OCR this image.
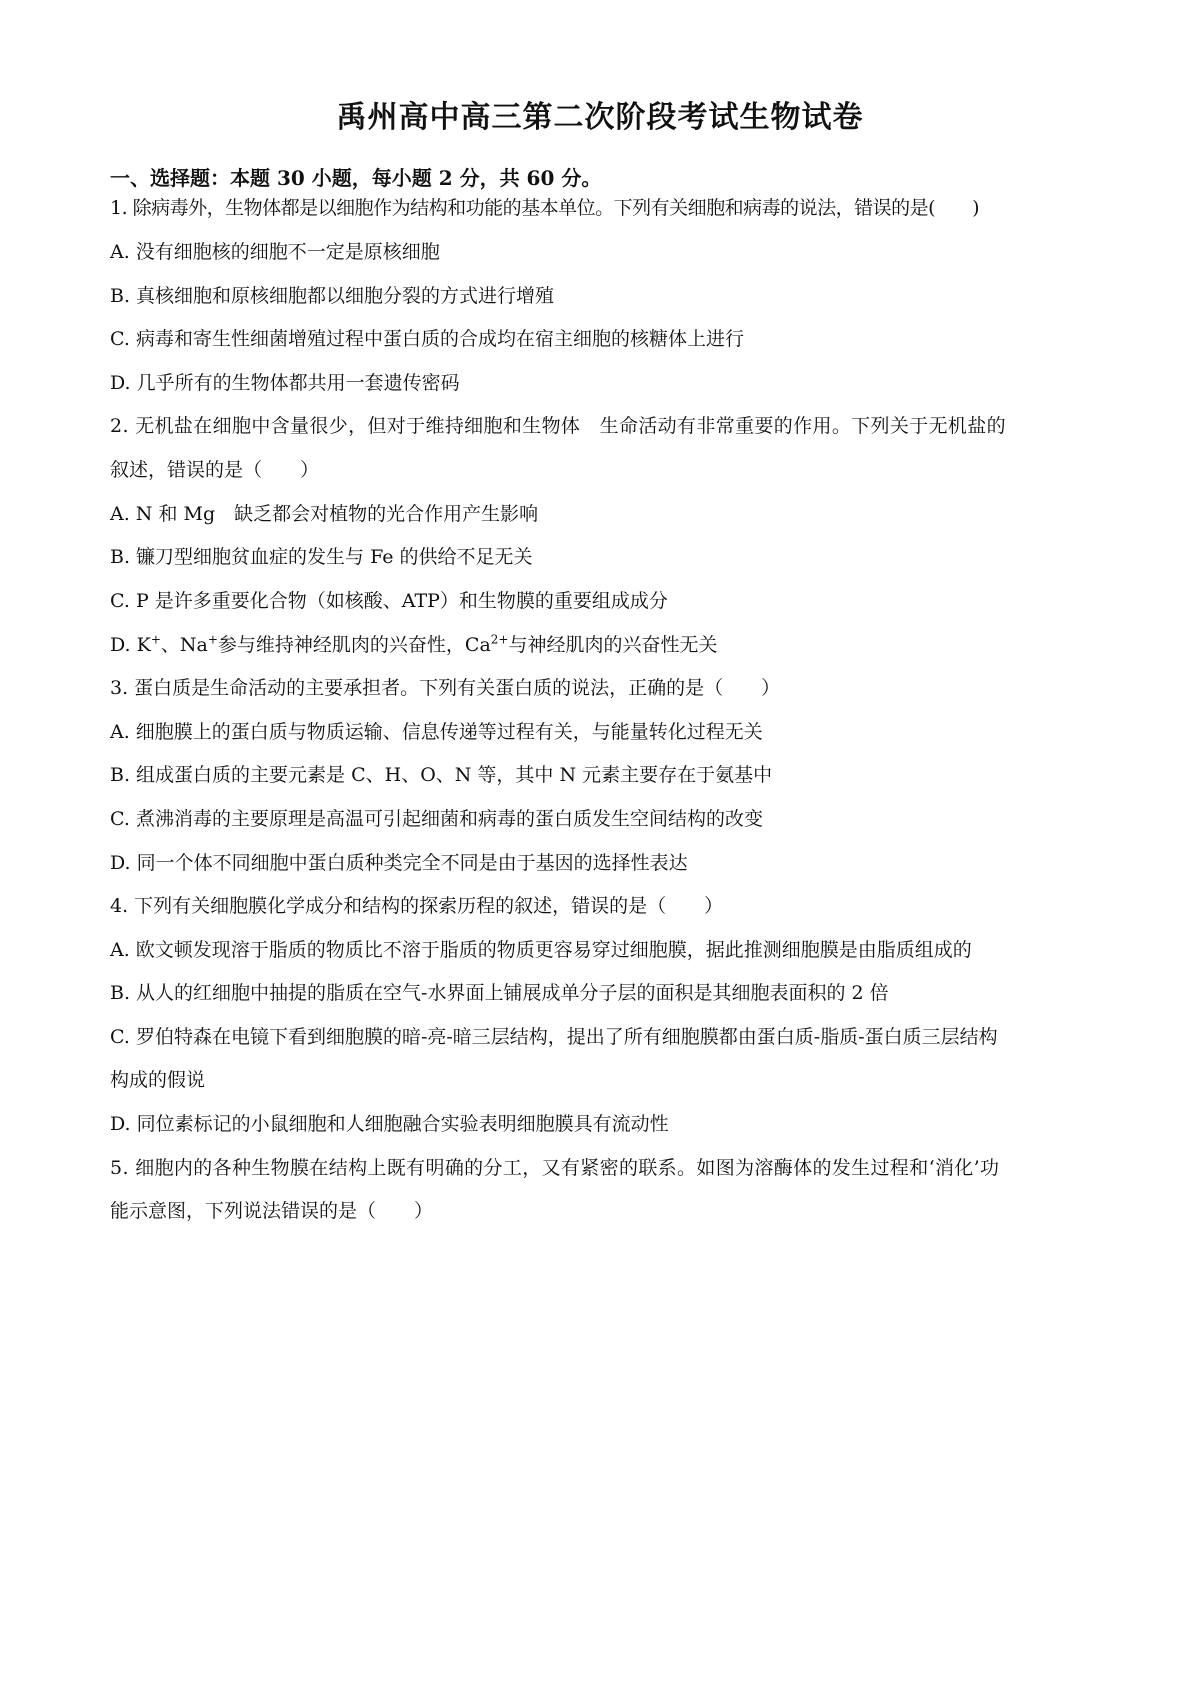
禹州高中高三第二次阶段考试生物试卷
一、选择题：本题 30 小题，每小题 2 分，共 60 分。
1. 除病毒外，生物体都是以细胞作为结构和功能的基本单位。下列有关细胞和病毒的说法，错误的是(　　)
A. 没有细胞核的细胞不一定是原核细胞
B. 真核细胞和原核细胞都以细胞分裂的方式进行增殖
C. 病毒和寄生性细菌增殖过程中蛋白质的合成均在宿主细胞的核糖体上进行
D. 几乎所有的生物体都共用一套遗传密码
2. 无机盐在细胞中含量很少，但对于维持细胞和生物体　生命活动有非常重要的作用。下列关于无机盐的
叙述，错误的是（　　）
A. N 和 Mg　缺乏都会对植物的光合作用产生影响
B. 镰刀型细胞贫血症的发生与 Fe 的供给不足无关
C. P 是许多重要化合物（如核酸、ATP）和生物膜的重要组成成分
D. K+、Na+参与维持神经肌肉的兴奋性，$Ca^{2+}$与神经肌肉的兴奋性无关
3. 蛋白质是生命活动的主要承担者。下列有关蛋白质的说法，正确的是（　　）
A. 细胞膜上的蛋白质与物质运输、信息传递等过程有关，与能量转化过程无关
B. 组成蛋白质的主要元素是 C、H、O、N 等，其中 N 元素主要存在于氨基中
C. 煮沸消毒的主要原理是高温可引起细菌和病毒的蛋白质发生空间结构的改变
D. 同一个体不同细胞中蛋白质种类完全不同是由于基因的选择性表达
4. 下列有关细胞膜化学成分和结构的探索历程的叙述，错误的是（　　）
A. 欧文顿发现溶于脂质的物质比不溶于脂质的物质更容易穿过细胞膜，据此推测细胞膜是由脂质组成的
B. 从人的红细胞中抽提的脂质在空气-水界面上铺展成单分子层的面积是其细胞表面积的 2 倍
C. 罗伯特森在电镜下看到细胞膜的暗-亮-暗三层结构，提出了所有细胞膜都由蛋白质-脂质-蛋白质三层结构
构成的假说
D. 同位素标记的小鼠细胞和人细胞融合实验表明细胞膜具有流动性
5. 细胞内的各种生物膜在结构上既有明确的分工，又有紧密的联系。如图为溶酶体的发生过程和‘消化’功
能示意图，下列说法错误的是（　　）
